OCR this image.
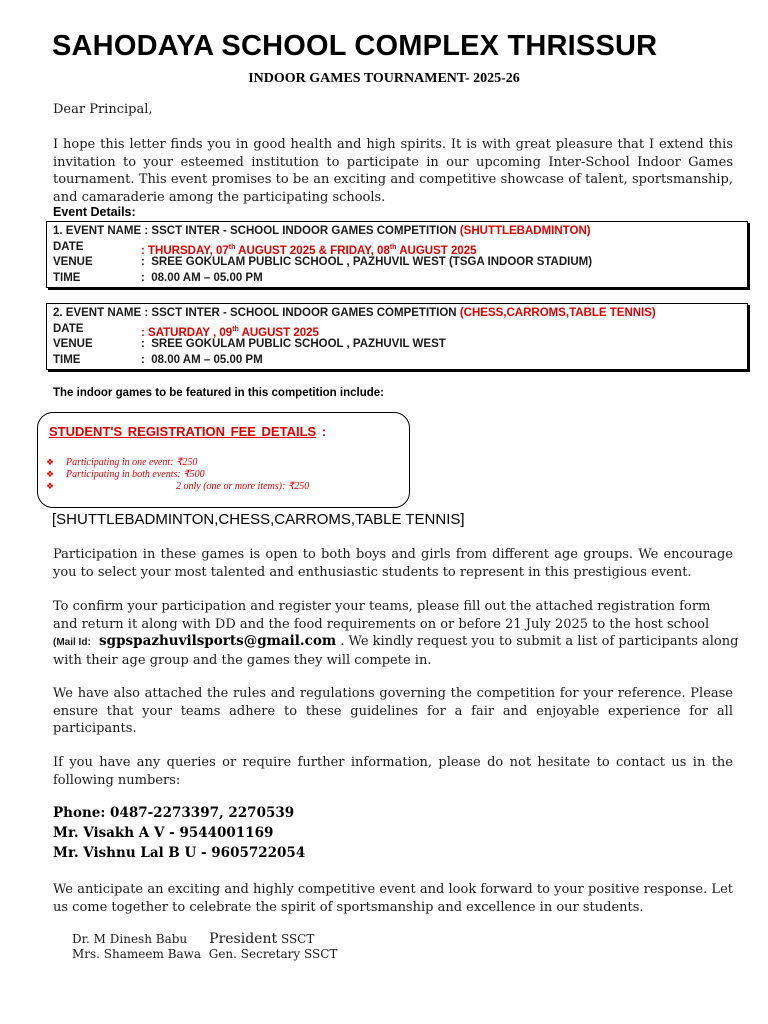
SAHODAYA SCHOOL COMPLEX THRISSUR
INDOOR GAMES TOURNAMENT- 2025-26
Dear Principal,
I hope this letter finds you in good health and high spirits. It is with great pleasure that I extend this invitation to your esteemed institution to participate in our upcoming Inter-School Indoor Games tournament. This event promises to be an exciting and competitive showcase of talent, sportsmanship, and camaraderie among the participating schools.
Event Details:
1. EVENT NAME :
SSCT INTER - SCHOOL INDOOR GAMES COMPETITION
(SHUTTLEBADMINTON)
DATE	: THURSDAY, 07th AUGUST 2025 & FRIDAY, 08th AUGUST 2025
VENUE	: SREE GOKULAM PUBLIC SCHOOL , PAZHUVIL WEST (TSGA INDOOR STADIUM)
TIME	: 08.00 AM – 05.00 PM
2. EVENT NAME :
SSCT INTER - SCHOOL INDOOR GAMES COMPETITION
(CHESS,CARROMS,TABLE TENNIS)
DATE	: SATURDAY , 09th AUGUST 2025
VENUE	: SREE GOKULAM PUBLIC SCHOOL , PAZHUVIL WEST
TIME	: 08.00 AM – 05.00 PM
The indoor games to be featured in this competition include:
STUDENT'S REGISTRATION FEE DETAILS :
❖ Participating in one event: ₹250
❖ Participating in both events: ₹500
❖	2 only (one or more items): ₹250
[SHUTTLEBADMINTON,CHESS,CARROMS,TABLE TENNIS]
Participation in these games is open to both boys and girls from different age groups. We encourage you to select your most talented and enthusiastic students to represent in this prestigious event.
To confirm your participation and register your teams, please fill out the attached registration form
and return it along with DD and the food requirements on or before 21 July 2025 to the host school
(Mail Id: sgpspazhuvilsports@gmail.com . We kindly request you to submit a list of participants along
with their age group and the games they will compete in.
We have also attached the rules and regulations governing the competition for your reference. Please ensure that your teams adhere to these guidelines for a fair and enjoyable experience for all participants.
If you have any queries or require further information, please do not hesitate to contact us in the following numbers:
Phone: 0487-2273397, 2270539
Mr. Visakh A V - 9544001169
Mr. Vishnu Lal B U - 9605722054
We anticipate an exciting and highly competitive event and look forward to your positive response. Let us come together to celebrate the spirit of sportsmanship and excellence in our students.
Dr. M Dinesh Babu President SSCT
Mrs. Shameem Bawa Gen. Secretary SSCT
